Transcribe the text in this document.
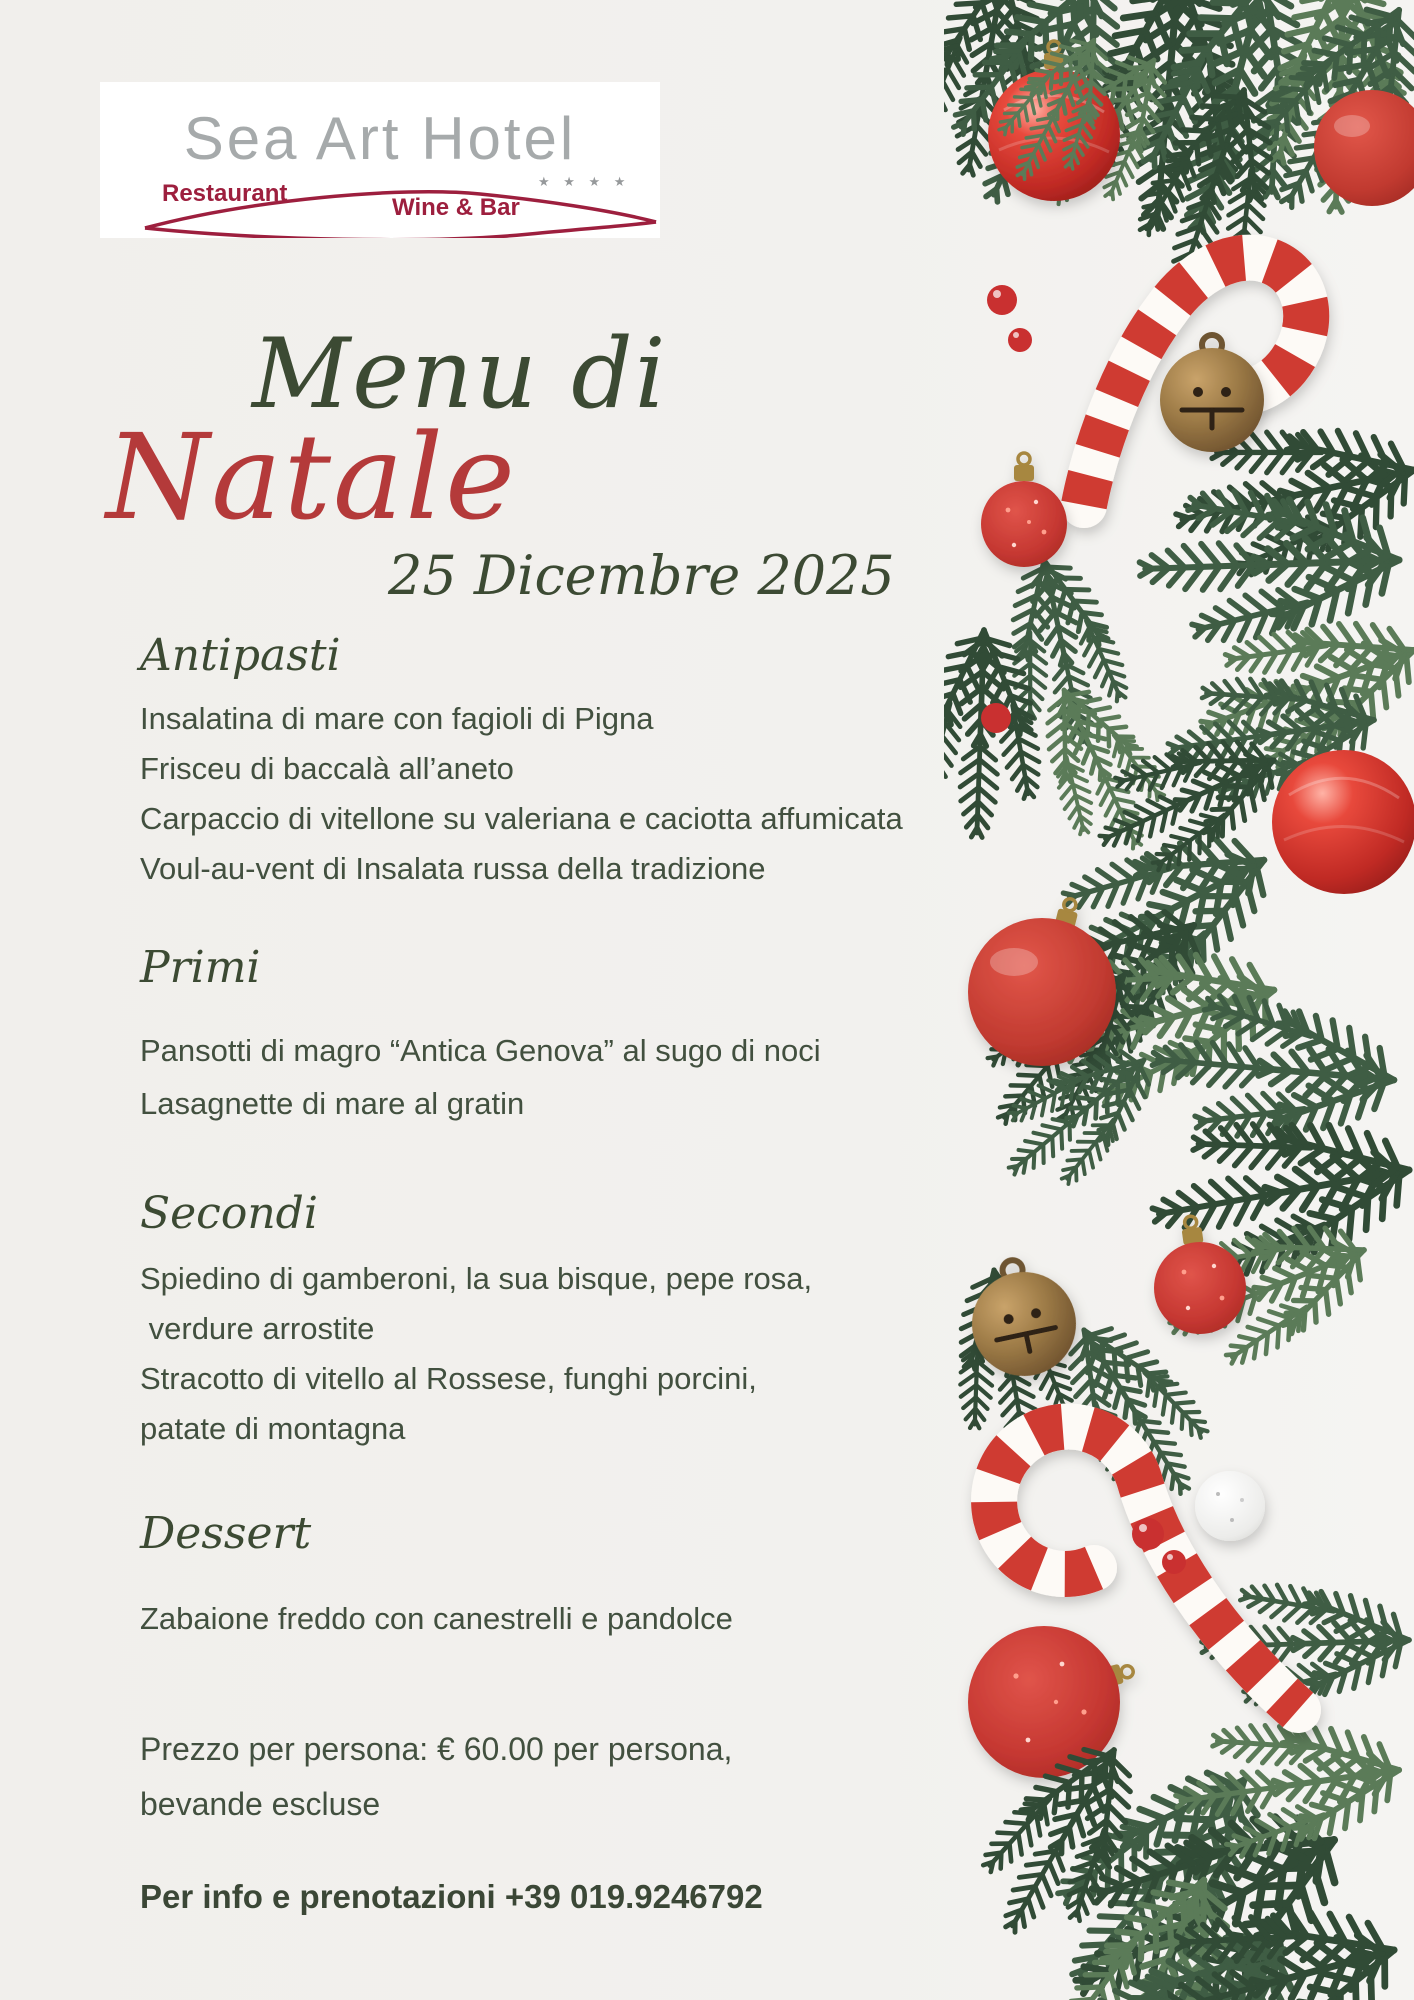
Sea Art Hotel
Restaurant
Wine & Bar
★ ★ ★ ★
Menu di
Natale
25 Dicembre 2025
Antipasti
Insalatina di mare con fagioli di Pigna
Frisceu di baccalà all’aneto
Carpaccio di vitellone su valeriana e caciotta affumicata
Voul-au-vent di Insalata russa della tradizione
Primi
Pansotti di magro “Antica Genova” al sugo di noci
Lasagnette di mare al gratin
Secondi
Spiedino di gamberoni, la sua bisque, pepe rosa,
verdure arrostite
Stracotto di vitello al Rossese, funghi porcini,
patate di montagna
Dessert
Zabaione freddo con canestrelli e pandolce
Prezzo per persona: € 60.00 per persona,
bevande escluse
Per info e prenotazioni +39 019.9246792
